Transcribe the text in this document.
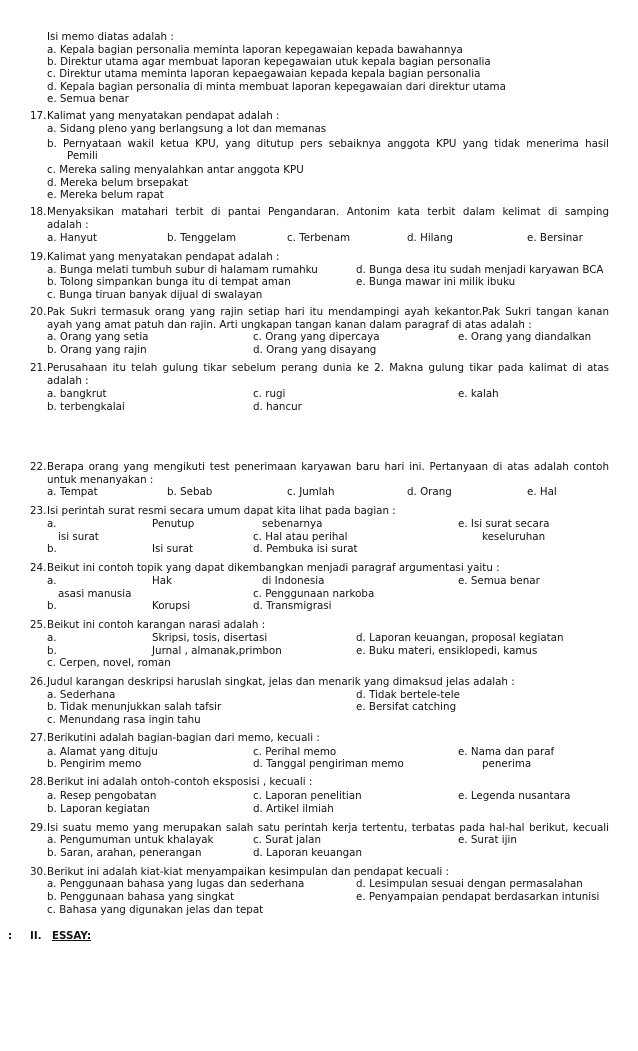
Isi memo diatas adalah :
a. Kepala bagian personalia meminta laporan kepegawaian kepada bawahannya
b. Direktur utama agar membuat laporan kepegawaian utuk kepala bagian personalia
c. Direktur utama meminta laporan kepaegawaian kepada kepala bagian personalia
d. Kepala bagian personalia di minta membuat laporan kepegawaian dari direktur utama
e. Semua benar
17. Kalimat yang menyatakan pendapat adalah :
a. Sidang pleno yang berlangsung a lot dan memanas
b. Pernyataan wakil ketua KPU, yang ditutup pers sebaiknya anggota KPU yang tidak menerima hasil
Pemili
c. Mereka saling menyalahkan antar anggota KPU
d. Mereka belum brsepakat
e. Mereka belum rapat
18. Menyaksikan matahari terbit di pantai Pengandaran. Antonim kata terbit dalam kelimat di samping
adalah :
a. Hanyut	b. Tenggelam	c. Terbenam	d. Hilang	e. Bersinar
19. Kalimat yang menyatakan pendapat adalah :
a. Bunga melati tumbuh subur di halamam rumahku	d. Bunga desa itu sudah menjadi karyawan BCA
b. Tolong simpankan bunga itu di tempat aman	e. Bunga mawar ini milik ibuku
c. Bunga tiruan banyak dijual di swalayan
20. Pak Sukri termasuk orang yang rajin setiap hari itu mendampingi ayah kekantor.Pak Sukri tangan kanan
ayah yang amat patuh dan rajin. Arti ungkapan tangan kanan dalam paragraf di atas adalah :
a. Orang yang setia	c. Orang yang dipercaya	e. Orang yang diandalkan
b. Orang yang rajin	d. Orang yang disayang
21. Perusahaan itu telah gulung tikar sebelum perang dunia ke 2. Makna gulung tikar pada kalimat di atas
adalah :
a. bangkrut	c. rugi	e. kalah
b. terbengkalai	d. hancur
22. Berapa orang yang mengikuti test penerimaan karyawan baru hari ini. Pertanyaan di atas adalah contoh
untuk menanyakan :
a. Tempat	b. Sebab	c. Jumlah	d. Orang	e. Hal
23. Isi perintah surat resmi secara umum dapat kita lihat pada bagian :
a.	Penutup	sebenarnya	e. Isi surat secara
isi surat	c. Hal atau perihal	keseluruhan
b.	Isi surat	d. Pembuka isi surat
24. Beikut ini contoh topik yang dapat dikembangkan menjadi paragraf argumentasi yaitu :
a.	Hak	di Indonesia	e. Semua benar
asasi manusia	c. Penggunaan narkoba
b.	Korupsi	d. Transmigrasi
25. Beikut ini contoh karangan narasi adalah :
a.	Skripsi, tosis, disertasi	d. Laporan keuangan, proposal kegiatan
b.	Jurnal , almanak,primbon	e. Buku materi, ensiklopedi, kamus
c. Cerpen, novel, roman
26. Judul karangan deskripsi haruslah singkat, jelas dan menarik yang dimaksud jelas adalah :
a. Sederhana	d. Tidak bertele-tele
b. Tidak menunjukkan salah tafsir	e. Bersifat catching
c. Menundang rasa ingin tahu
27. Berikutini adalah bagian-bagian dari memo, kecuali :
a. Alamat yang dituju	c. Perihal memo	e. Nama dan paraf
b. Pengirim memo	d. Tanggal pengiriman memo	penerima
28. Berikut ini adalah ontoh-contoh eksposisi , kecuali :
a. Resep pengobatan	c. Laporan penelitian	e. Legenda nusantara
b. Laporan kegiatan	d. Artikel ilmiah
29. Isi suatu memo yang merupakan salah satu perintah kerja tertentu, terbatas pada hal-hal berikut, kecuali
a. Pengumuman untuk khalayak	c. Surat jalan	e. Surat ijin
b. Saran, arahan, penerangan	d. Laporan keuangan
30. Berikut ini adalah kiat-kiat menyampaikan kesimpulan dan pendapat kecuali :
a. Penggunaan bahasa yang lugas dan sederhana	d. Lesimpulan sesuai dengan permasalahan
b. Penggunaan bahasa yang singkat	e. Penyampaian pendapat berdasarkan intunisi
c. Bahasa yang digunakan jelas dan tepat
: II. ESSAY:
